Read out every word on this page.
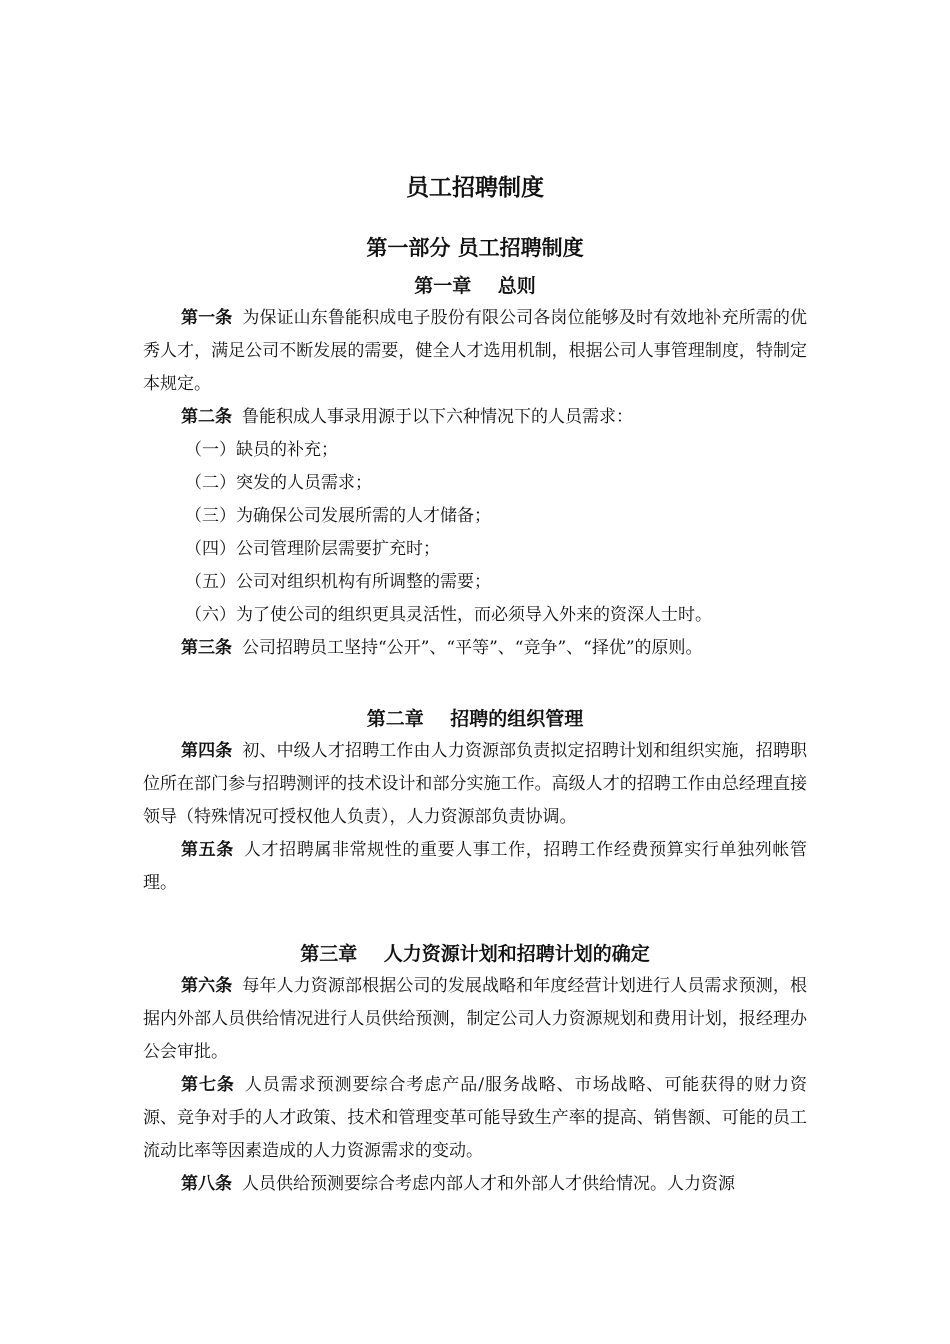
员工招聘制度
第一部分 员工招聘制度
第一章    总则

第一条 为保证山东鲁能积成电子股份有限公司各岗位能够及时有效地补充所需的优秀人才，满足公司不断发展的需要，健全人才选用机制，根据公司人事管理制度，特制定本规定。

第二条 鲁能积成人事录用源于以下六种情况下的人员需求：

（一）缺员的补充；

（二）突发的人员需求；

（三）为确保公司发展所需的人才储备；

（四）公司管理阶层需要扩充时；

（五）公司对组织机构有所调整的需要；

（六）为了使公司的组织更具灵活性，而必须导入外来的资深人士时。

第三条 公司招聘员工坚持“公开”、“平等”、“竞争”、“择优”的原则。

第二章    招聘的组织管理

第四条 初、中级人才招聘工作由人力资源部负责拟定招聘计划和组织实施，招聘职位所在部门参与招聘测评的技术设计和部分实施工作。高级人才的招聘工作由总经理直接领导（特殊情况可授权他人负责），人力资源部负责协调。

第五条 人才招聘属非常规性的重要人事工作，招聘工作经费预算实行单独列帐管理。

第三章    人力资源计划和招聘计划的确定

第六条 每年人力资源部根据公司的发展战略和年度经营计划进行人员需求预测，根据内外部人员供给情况进行人员供给预测，制定公司人力资源规划和费用计划，报经理办公会审批。

第七条 人员需求预测要综合考虑产品/服务战略、市场战略、可能获得的财力资源、竞争对手的人才政策、技术和管理变革可能导致生产率的提高、销售额、可能的员工流动比率等因素造成的人力资源需求的变动。

第八条 人员供给预测要综合考虑内部人才和外部人才供给情况。人力资源
